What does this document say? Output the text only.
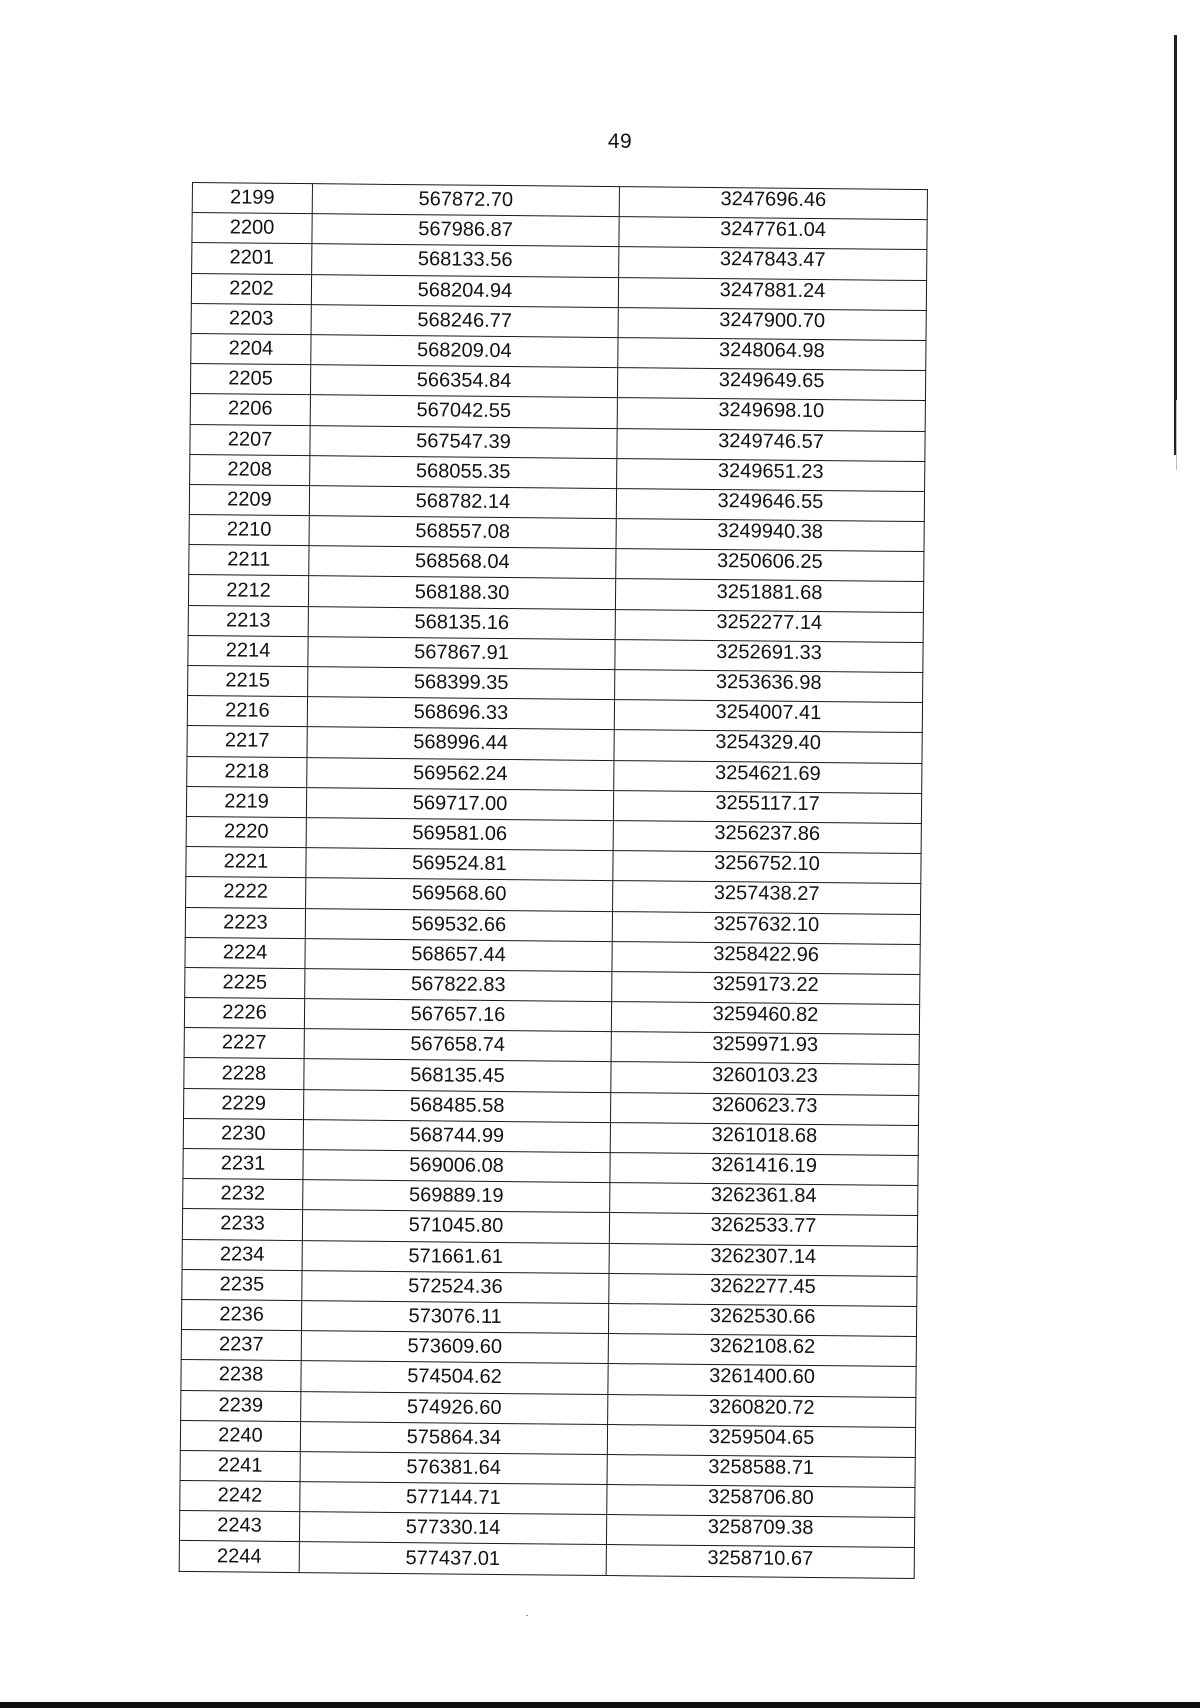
49
2199	567872.70	3247696.46
2200	567986.87	3247761.04
2201	568133.56	3247843.47
2202	568204.94	3247881.24
2203	568246.77	3247900.70
2204	568209.04	3248064.98
2205	566354.84	3249649.65
2206	567042.55	3249698.10
2207	567547.39	3249746.57
2208	568055.35	3249651.23
2209	568782.14	3249646.55
2210	568557.08	3249940.38
2211	568568.04	3250606.25
2212	568188.30	3251881.68
2213	568135.16	3252277.14
2214	567867.91	3252691.33
2215	568399.35	3253636.98
2216	568696.33	3254007.41
2217	568996.44	3254329.40
2218	569562.24	3254621.69
2219	569717.00	3255117.17
2220	569581.06	3256237.86
2221	569524.81	3256752.10
2222	569568.60	3257438.27
2223	569532.66	3257632.10
2224	568657.44	3258422.96
2225	567822.83	3259173.22
2226	567657.16	3259460.82
2227	567658.74	3259971.93
2228	568135.45	3260103.23
2229	568485.58	3260623.73
2230	568744.99	3261018.68
2231	569006.08	3261416.19
2232	569889.19	3262361.84
2233	571045.80	3262533.77
2234	571661.61	3262307.14
2235	572524.36	3262277.45
2236	573076.11	3262530.66
2237	573609.60	3262108.62
2238	574504.62	3261400.60
2239	574926.60	3260820.72
2240	575864.34	3259504.65
2241	576381.64	3258588.71
2242	577144.71	3258706.80
2243	577330.14	3258709.38
2244	577437.01	3258710.67
